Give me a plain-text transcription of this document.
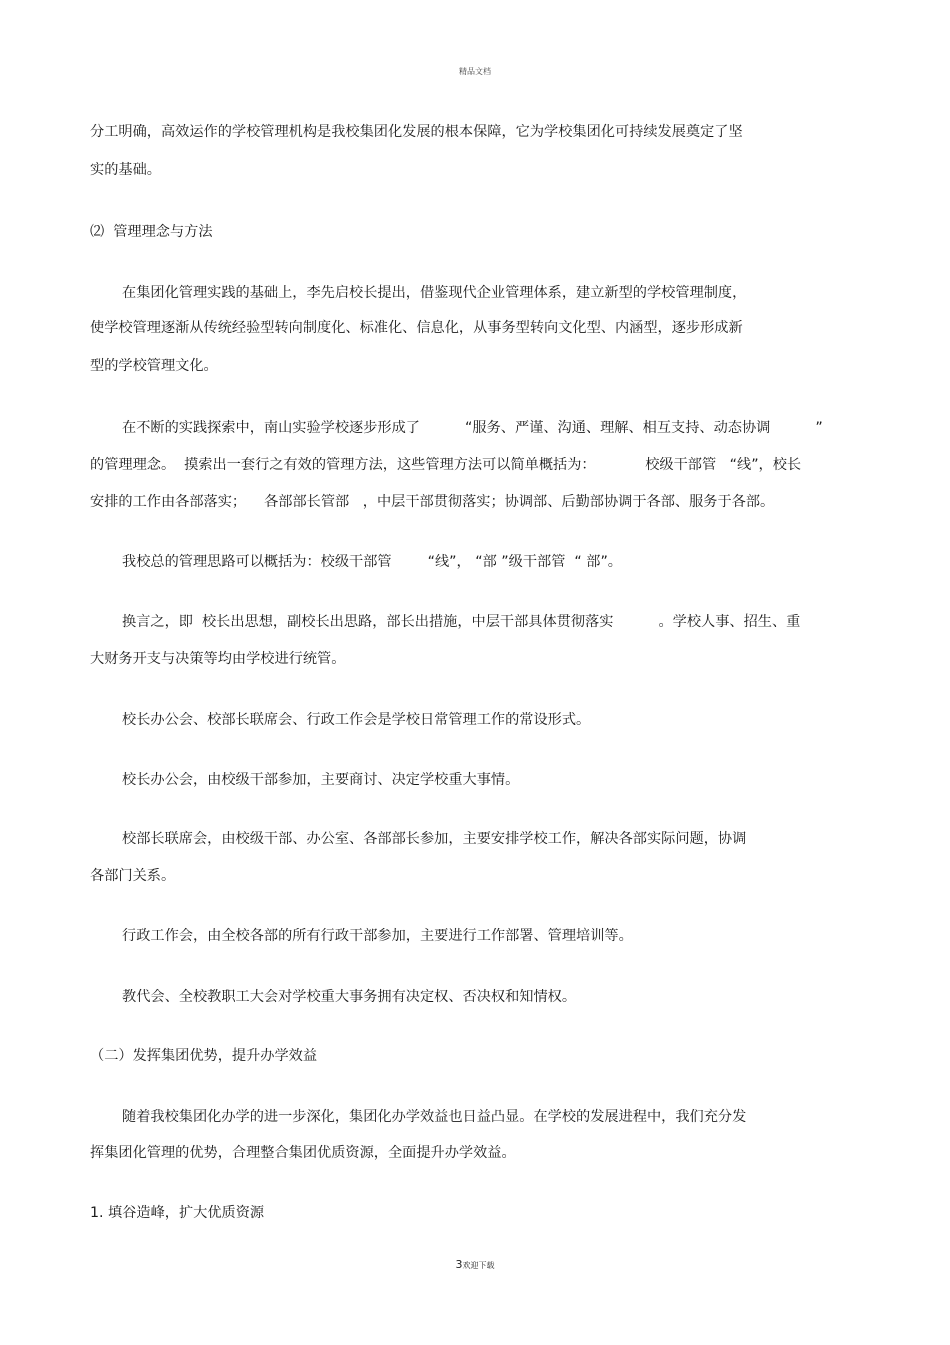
精品文档
分工明确，高效运作的学校管理机构是我校集团化发展的根本保障，它为学校集团化可持续发展奠定了坚
实的基础。
⑵  管理理念与方法
在集团化管理实践的基础上，李先启校长提出，借鉴现代企业管理体系，建立新型的学校管理制度，
使学校管理逐渐从传统经验型转向制度化、标准化、信息化，从事务型转向文化型、内涵型，逐步形成新
型的学校管理文化。
在不断的实践探索中，南山实验学校逐步形成了          “服务、严谨、沟通、理解、相互支持、动态协调          ”
的管理理念。  摸索出一套行之有效的管理方法，这些管理方法可以简单概括为：           校级干部管   “线”，校长
安排的工作由各部落实；    各部部长管部   ，中层干部贯彻落实；协调部、后勤部协调于各部、服务于各部。
我校总的管理思路可以概括为：校级干部管        “线”， “部 ”级干部管  “ 部”。
换言之，即  校长出思想，副校长出思路，部长出措施，中层干部具体贯彻落实          。学校人事、招生、重
大财务开支与决策等均由学校进行统管。
校长办公会、校部长联席会、行政工作会是学校日常管理工作的常设形式。
校长办公会，由校级干部参加，主要商讨、决定学校重大事情。
校部长联席会，由校级干部、办公室、各部部长参加，主要安排学校工作，解决各部实际问题，协调
各部门关系。
行政工作会，由全校各部的所有行政干部参加，主要进行工作部署、管理培训等。
教代会、全校教职工大会对学校重大事务拥有决定权、否决权和知情权。
（二）发挥集团优势，提升办学效益
随着我校集团化办学的进一步深化，集团化办学效益也日益凸显。在学校的发展进程中，我们充分发
挥集团化管理的优势，合理整合集团优质资源，全面提升办学效益。
1. 填谷造峰，扩大优质资源
3欢迎下载
